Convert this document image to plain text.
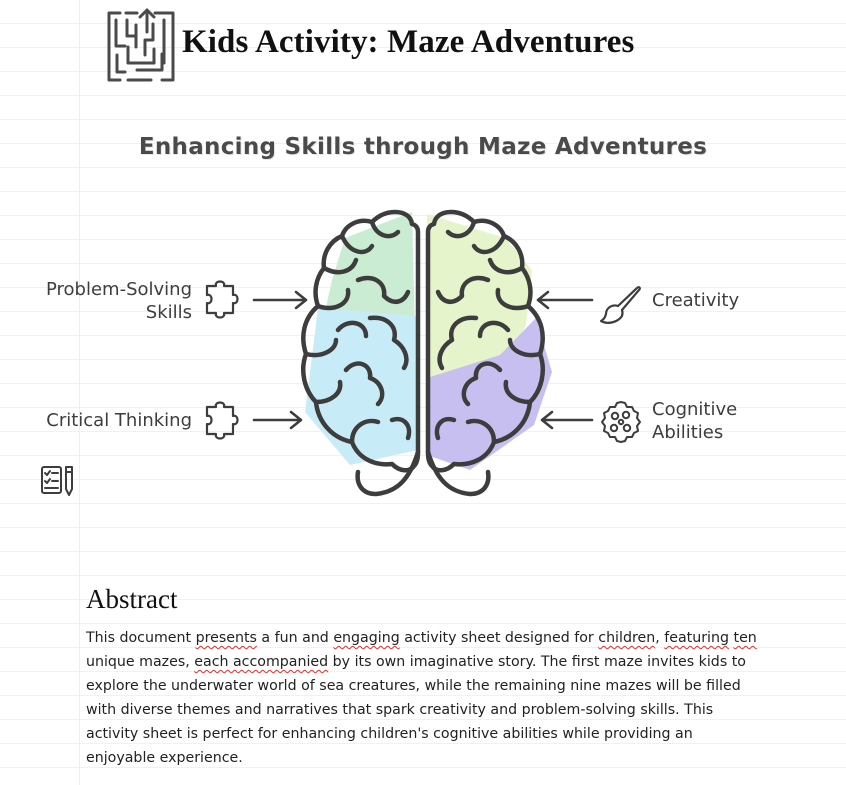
Kids Activity: Maze Adventures
Enhancing Skills through Maze Adventures
Problem-Solving
Skills
Critical Thinking
Creativity
Cognitive
Abilities
Abstract

This document presents a fun and engaging activity sheet designed for children, featuring ten unique mazes, each accompanied by its own imaginative story. The first maze invites kids to explore the underwater world of sea creatures, while the remaining nine mazes will be filled with diverse themes and narratives that spark creativity and problem-solving skills. This activity sheet is perfect for enhancing children's cognitive abilities while providing an enjoyable experience.
